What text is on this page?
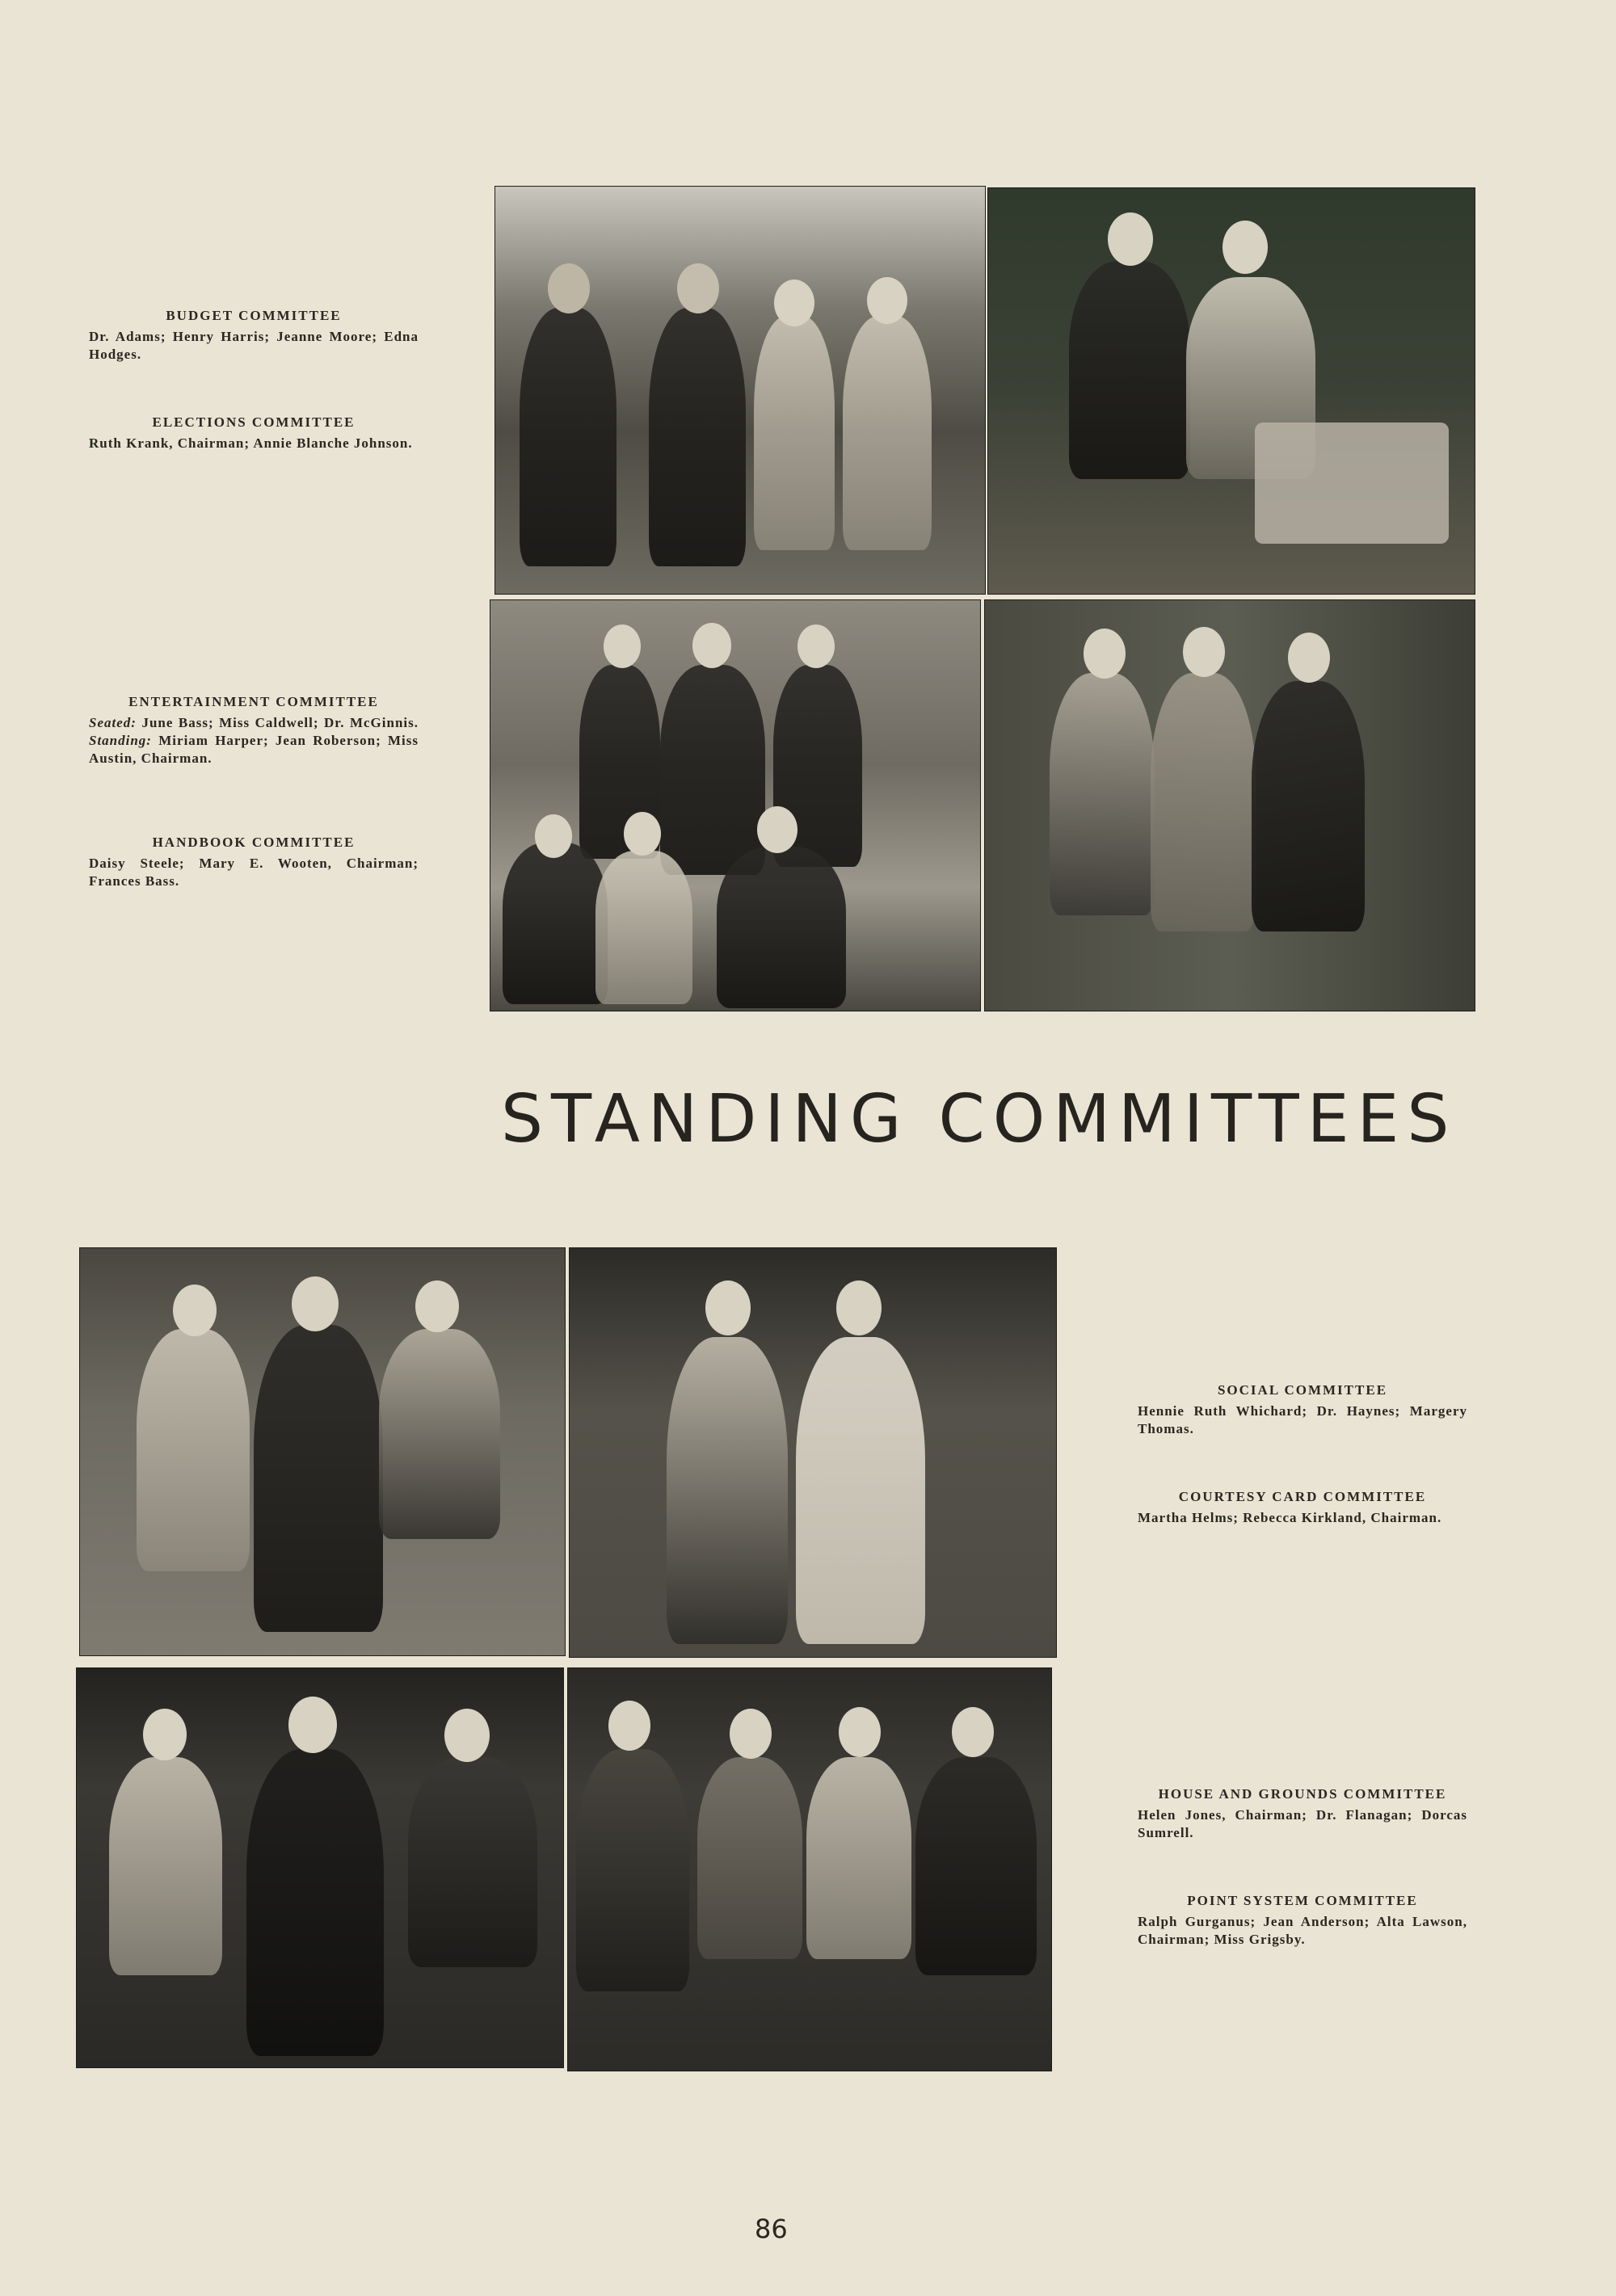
BUDGET COMMITTEE
Dr. Adams; Henry Harris; Jeanne Moore; Edna Hodges.
ELECTIONS COMMITTEE
Ruth Krank, Chairman; Annie Blanche Johnson.
ENTERTAINMENT COMMITTEE
Seated: June Bass; Miss Caldwell; Dr. McGinnis. Standing: Miriam Harper; Jean Roberson; Miss Austin, Chairman.
HANDBOOK COMMITTEE
Daisy Steele; Mary E. Wooten, Chairman; Frances Bass.
STANDING COMMITTEES
SOCIAL COMMITTEE
Hennie Ruth Whichard; Dr. Haynes; Margery Thomas.
COURTESY CARD COMMITTEE
Martha Helms; Rebecca Kirkland, Chairman.
HOUSE AND GROUNDS COMMITTEE
Helen Jones, Chairman; Dr. Flanagan; Dorcas Sumrell.
POINT SYSTEM COMMITTEE
Ralph Gurganus; Jean Anderson; Alta Lawson, Chairman; Miss Grigsby.
86
